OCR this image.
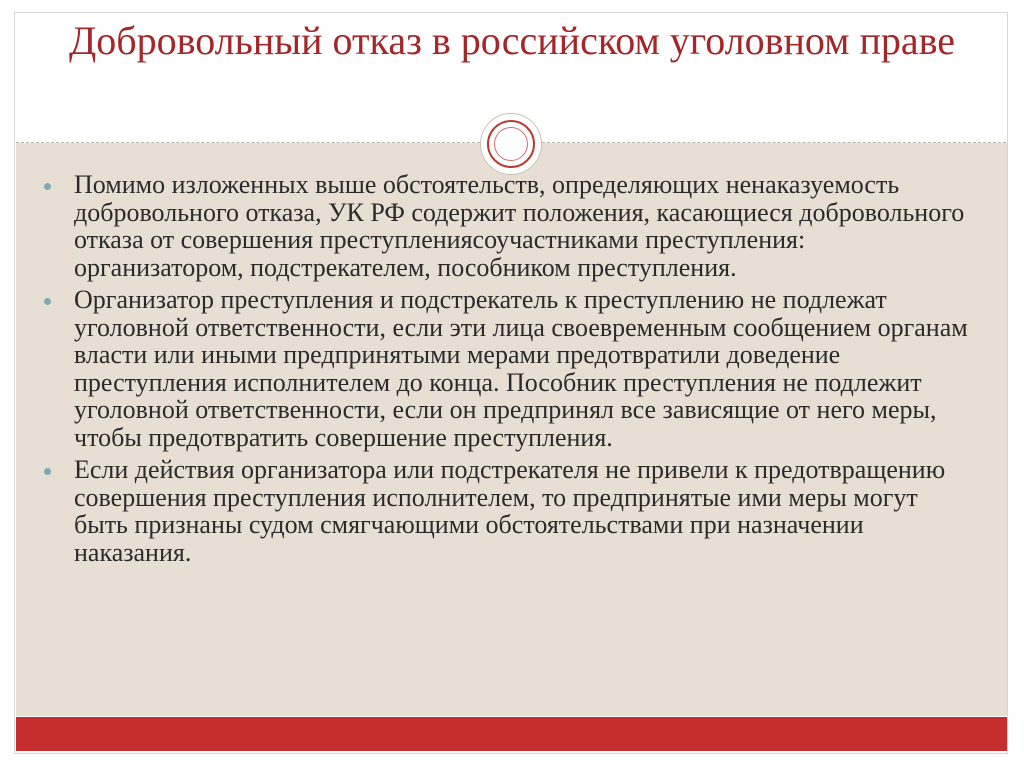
Добровольный отказ в российском уголовном праве
Помимо изложенных выше обстоятельств, определяющих ненаказуемость добровольного отказа, УК РФ содержит положения, касающиеся добровольного отказа от совершения преступлениясоучастниками преступления: организатором, подстрекателем, пособником преступления.
Организатор преступления и подстрекатель к преступлению не подлежат уголовной ответственности, если эти лица своевременным сообщением органам власти или иными предпринятыми мерами предотвратили доведение преступления исполнителем до конца. Пособник преступления не подлежит уголовной ответственности, если он предпринял все зависящие от него меры, чтобы предотвратить совершение преступления.
Если действия организатора или подстрекателя не привели к предотвращению совершения преступления исполнителем, то предпринятые ими меры могут быть признаны судом смягчающими обстоятельствами при назначении наказания.
